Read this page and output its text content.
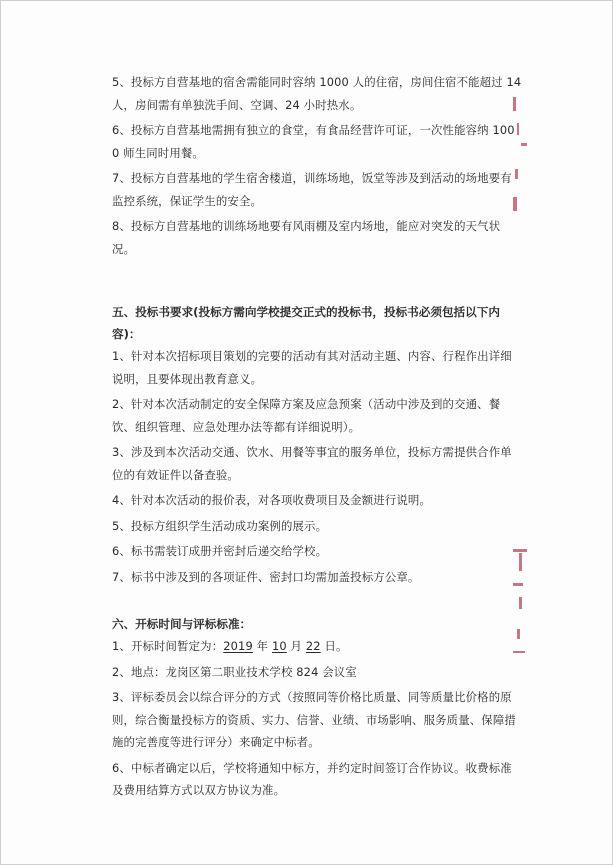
5、投标方自营基地的宿舍需能同时容纳 1000 人的住宿，房间住宿不能超过 14 人，房间需有单独洗手间、空调、24 小时热水。

6、投标方自营基地需拥有独立的食堂，有食品经营许可证，一次性能容纳 1000 师生同时用餐。

7、投标方自营基地的学生宿舍楼道，训练场地，饭堂等涉及到活动的场地要有监控系统，保证学生的安全。

8、投标方自营基地的训练场地要有风雨棚及室内场地，能应对突发的天气状况。

五、投标书要求(投标方需向学校提交正式的投标书，投标书必须包括以下内容)：

1、针对本次招标项目策划的完要的活动有其对活动主题、内容、行程作出详细说明，且要体现出教育意义。

2、针对本次活动制定的安全保障方案及应急预案（活动中涉及到的交通、餐饮、组织管理、应急处理办法等都有详细说明）。

3、涉及到本次活动交通、饮水、用餐等事宜的服务单位，投标方需提供合作单位的有效证件以备查验。

4、针对本次活动的报价表，对各项收费项目及金额进行说明。

5、投标方组织学生活动成功案例的展示。

6、标书需装订成册并密封后递交给学校。

7、标书中涉及到的各项证件、密封口均需加盖投标方公章。

六、开标时间与评标标准：

1、开标时间暂定为：2019 年 10 月 22 日。

2、地点：龙岗区第二职业技术学校 824 会议室

3、评标委员会以综合评分的方式（按照同等价格比质量、同等质量比价格的原则，综合衡量投标方的资质、实力、信誉、业绩、市场影响、服务质量、保障措施的完善度等进行评分）来确定中标者。

6、中标者确定以后，学校将通知中标方，并约定时间签订合作协议。收费标准及费用结算方式以双方协议为准。
